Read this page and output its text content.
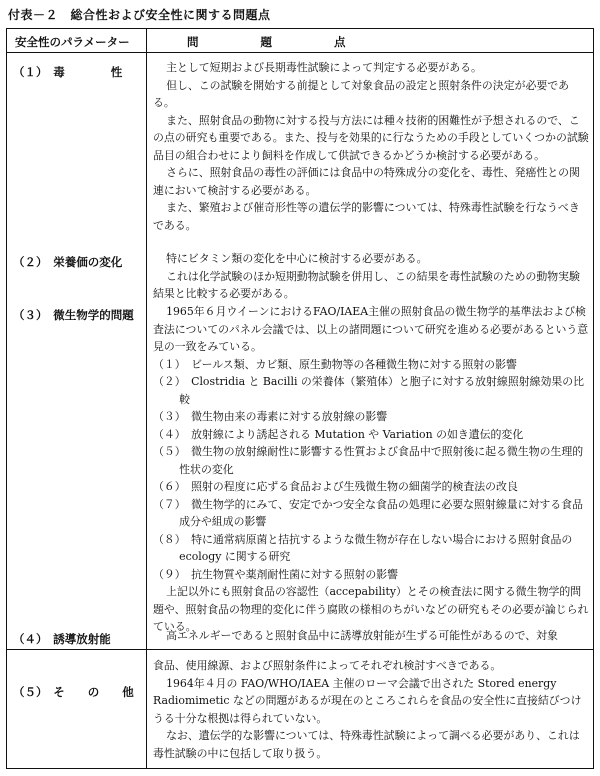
付表－２　総合性および安全性に関する問題点
安全性のパラメーター	問題点
（１）　毒　　　　性
（２）　栄養価の変化
（３）　微生物学的問題
（４）　誘導放射能
（５）　そ　　の　　他

主として短期および長期毒性試験によって判定する必要がある。

但し、この試験を開始する前提として対象食品の設定と照射条件の決定が必要である。

また、照射食品の動物に対する投与方法には種々技術的困難性が予想されるので、この点の研究も重要である。また、投与を効果的に行なうための手段としていくつかの試験品目の組合わせにより飼料を作成して供試できるかどうか検討する必要がある。

さらに、照射食品の毒性の評価には食品中の特殊成分の変化を、毒性、発癌性との関連において検討する必要がある。

また、繁殖および催奇形性等の遺伝学的影響については、特殊毒性試験を行なうべきである。

特にビタミン類の変化を中心に検討する必要がある。

これは化学試験のほか短期動物試験を併用し、この結果を毒性試験のための動物実験結果と比較する必要がある。

1965年６月ウイーンにおけるFAO/IAEA主催の照射食品の微生物学的基準法および検査法についてのパネル会議では、以上の諸問題について研究を進める必要があるという意見の一致をみている。

（１）　ビールス類、カビ類、原生動物等の各種微生物に対する照射の影響

（２）　Clostridia と Bacilli の栄養体（繁殖体）と胞子に対する放射線照射線効果の比較

（３）　微生物由来の毒素に対する放射線の影響

（４）　放射線により誘起される Mutation や Variation の如き遺伝的変化

（５）　微生物の放射線耐性に影響する性質および食品中で照射後に起る微生物の生理的性状の変化

（６）　照射の程度に応ずる食品および生残微生物の細菌学的検査法の改良

（７）　微生物学的にみて、安定でかつ安全な食品の処理に必要な照射線量に対する食品成分や組成の影響

（８）　特に通常病原菌と拮抗するような微生物が存在しない場合における照射食品の ecology に関する研究

（９）　抗生物質や薬剤耐性菌に対する照射の影響

上記以外にも照射食品の容認性（accepability）とその検査法に関する微生物学的問題や、照射食品の物理的変化に伴う腐敗の様相のちがいなどの研究もその必要が論じられている。

高エネルギーであると照射食品中に誘導放射能が生ずる可能性があるので、対象

食品、使用線源、および照射条件によってそれぞれ検討すべきである。

1964年４月の FAO/WHO/IAEA 主催のローマ会議で出された Stored energy Radiomimetic などの問題があるが現在のところこれらを食品の安全性に直接結びつけうる十分な根拠は得られていない。

なお、遺伝学的な影響については、特殊毒性試験によって調べる必要があり、これは毒性試験の中に包括して取り扱う。
